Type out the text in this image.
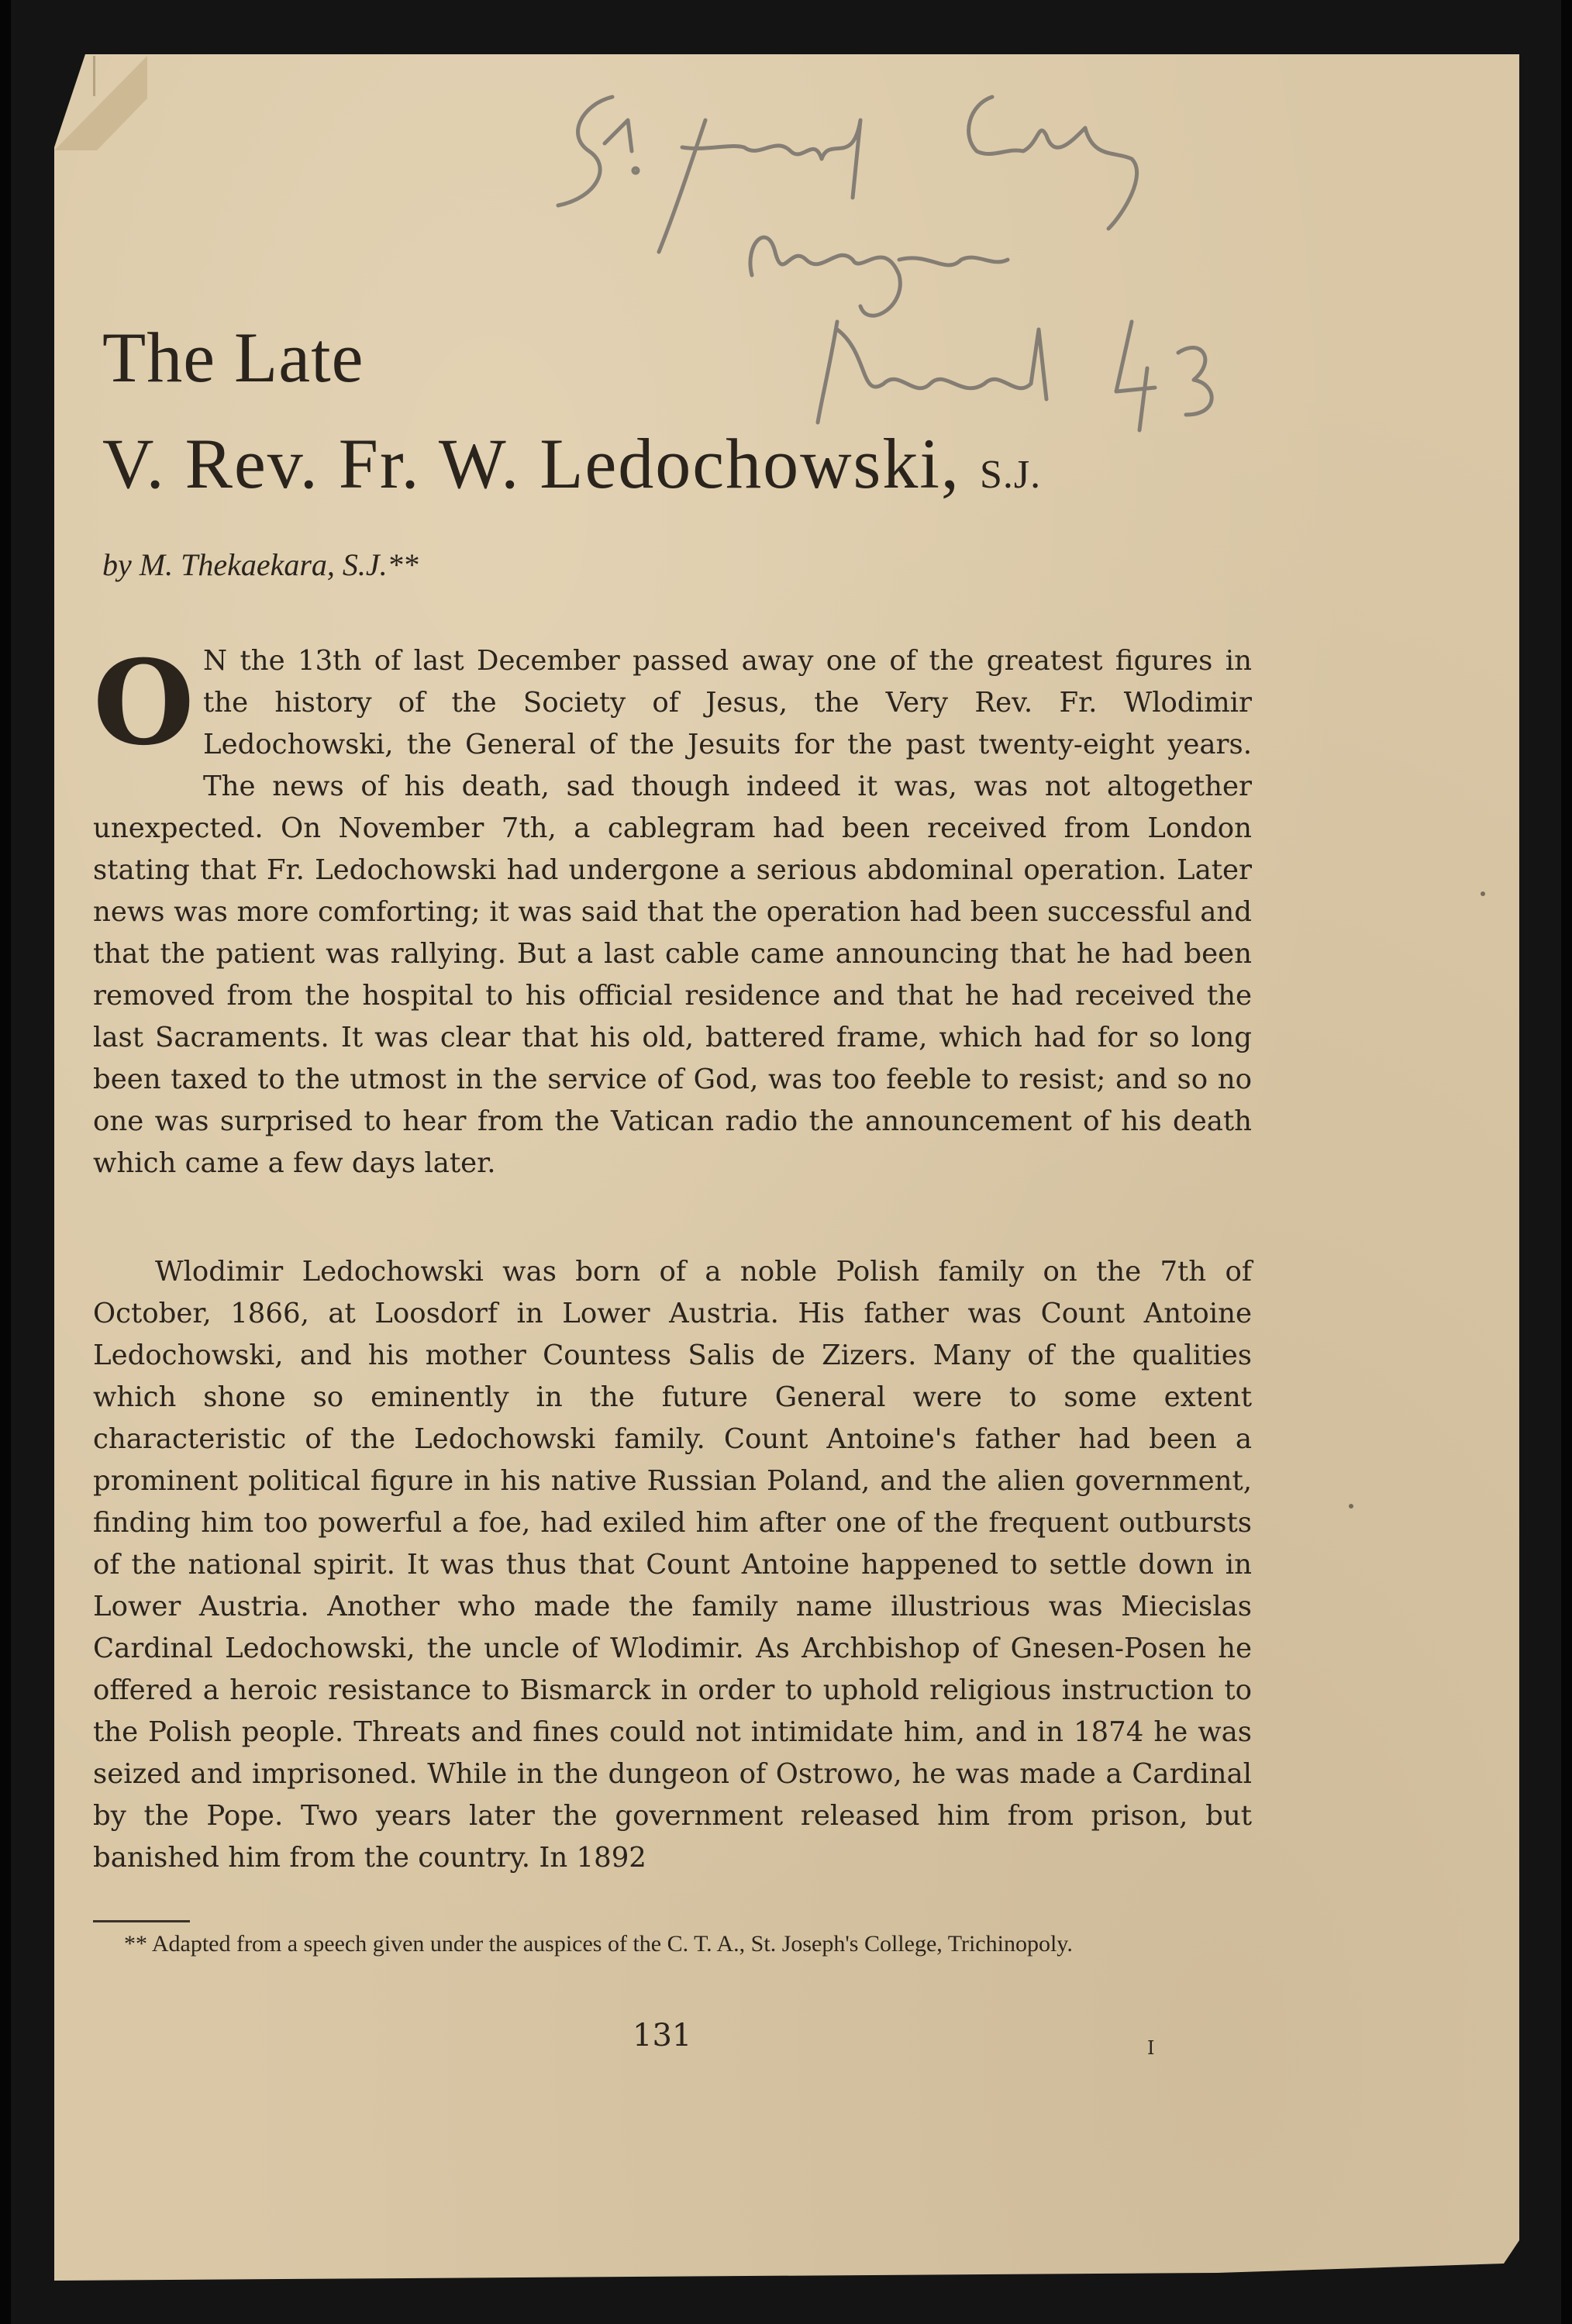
The Late
V. Rev. Fr. W. Ledochowski, S.J.
by M. Thekaekara, S.J.**
O N the 13th of last December passed away one of the greatest figures in the history of the Society of Jesus, the Very Rev. Fr. Wlodimir Ledochowski, the General of the Jesuits for the past twenty-eight years. The news of his death, sad though indeed it was, was not altogether unexpected. On November 7th, a cablegram had been received from London stating that Fr. Ledochowski had undergone a serious abdominal operation. Later news was more comforting; it was said that the operation had been successful and that the patient was rallying. But a last cable came announcing that he had been removed from the hospital to his official residence and that he had received the last Sacraments. It was clear that his old, battered frame, which had for so long been taxed to the utmost in the service of God, was too feeble to resist; and so no one was surprised to hear from the Vatican radio the announcement of his death which came a few days later.
Wlodimir Ledochowski was born of a noble Polish family on the 7th of October, 1866, at Loosdorf in Lower Austria. His father was Count Antoine Ledochowski, and his mother Countess Salis de Zizers. Many of the qualities which shone so eminently in the future General were to some extent characteristic of the Ledochowski family. Count Antoine's father had been a prominent political figure in his native Russian Poland, and the alien government, finding him too powerful a foe, had exiled him after one of the frequent outbursts of the national spirit. It was thus that Count Antoine happened to settle down in Lower Austria. Another who made the family name illustrious was Miecislas Cardinal Ledochowski, the uncle of Wlodimir. As Archbishop of Gnesen-Posen he offered a heroic resistance to Bismarck in order to uphold religious instruction to the Polish people. Threats and fines could not intimidate him, and in 1874 he was seized and imprisoned. While in the dungeon of Ostrowo, he was made a Cardinal by the Pope. Two years later the government released him from prison, but banished him from the country. In 1892
** Adapted from a speech given under the auspices of the C. T. A., St. Joseph's College, Trichinopoly.
131	I
